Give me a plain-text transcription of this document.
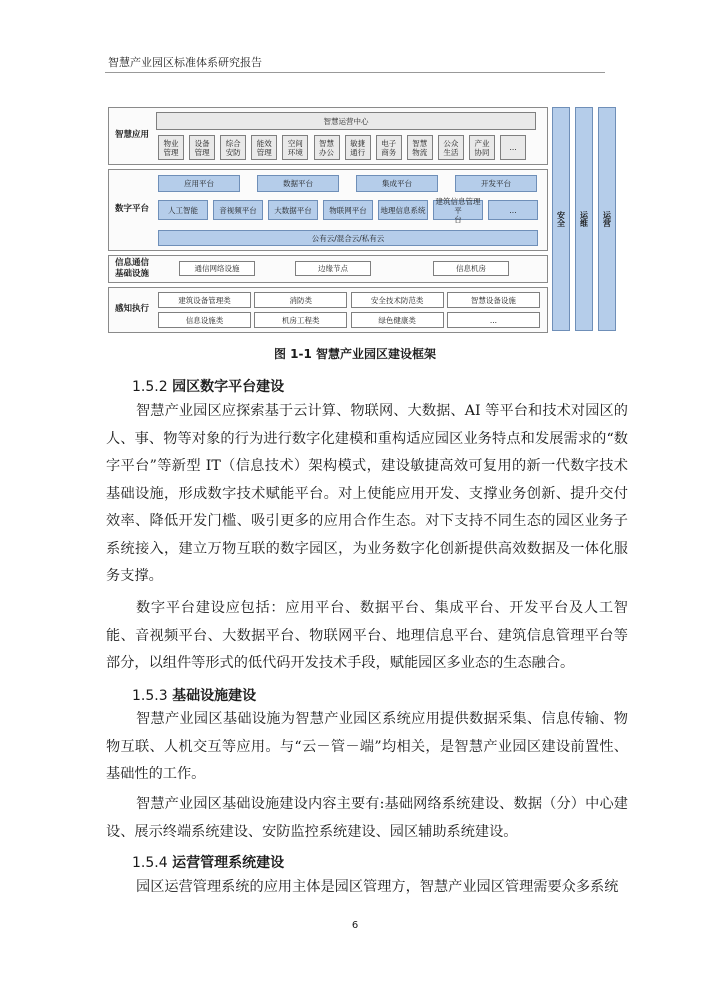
智慧产业园区标准体系研究报告
智慧应用
智慧运营中心
物业
管理
设备
管理
综合
安防
能效
管理
空间
环境
智慧
办公
敏捷
通行
电子
商务
智慧
物流
公众
生活
产业
协同	...
数字平台
应用平台	数据平台	集成平台	开发平台
人工智能	音视频平台	大数据平台	物联网平台	地理信息系统
建筑信息管理平
台
...
公有云/混合云/私有云
信息通信
基础设施
通信网络设施	边缘节点	信息机房
感知执行
建筑设备管理类	消防类	安全技术防范类	智慧设备设施
信息设施类	机房工程类	绿色健康类	...
安全 运维 运营
图 1-1 智慧产业园区建设框架
1.5.2 园区数字平台建设

智慧产业园区应探索基于云计算、物联网、大数据、AI 等平台和技术对园区的人、事、物等对象的行为进行数字化建模和重构适应园区业务特点和发展需求的“数字平台”等新型 IT（信息技术）架构模式，建设敏捷高效可复用的新一代数字技术基础设施，形成数字技术赋能平台。对上使能应用开发、支撑业务创新、提升交付效率、降低开发门槛、吸引更多的应用合作生态。对下支持不同生态的园区业务子系统接入，建立万物互联的数字园区，为业务数字化创新提供高效数据及一体化服务支撑。

数字平台建设应包括：应用平台、数据平台、集成平台、开发平台及人工智能、音视频平台、大数据平台、物联网平台、地理信息平台、建筑信息管理平台等部分，以组件等形式的低代码开发技术手段，赋能园区多业态的生态融合。

1.5.3 基础设施建设

智慧产业园区基础设施为智慧产业园区系统应用提供数据采集、信息传输、物物互联、人机交互等应用。与“云－管－端”均相关，是智慧产业园区建设前置性、基础性的工作。

智慧产业园区基础设施建设内容主要有:基础网络系统建设、数据（分）中心建设、展示终端系统建设、安防监控系统建设、园区辅助系统建设。

1.5.4 运营管理系统建设

园区运营管理系统的应用主体是园区管理方，智慧产业园区管理需要众多系统

6
